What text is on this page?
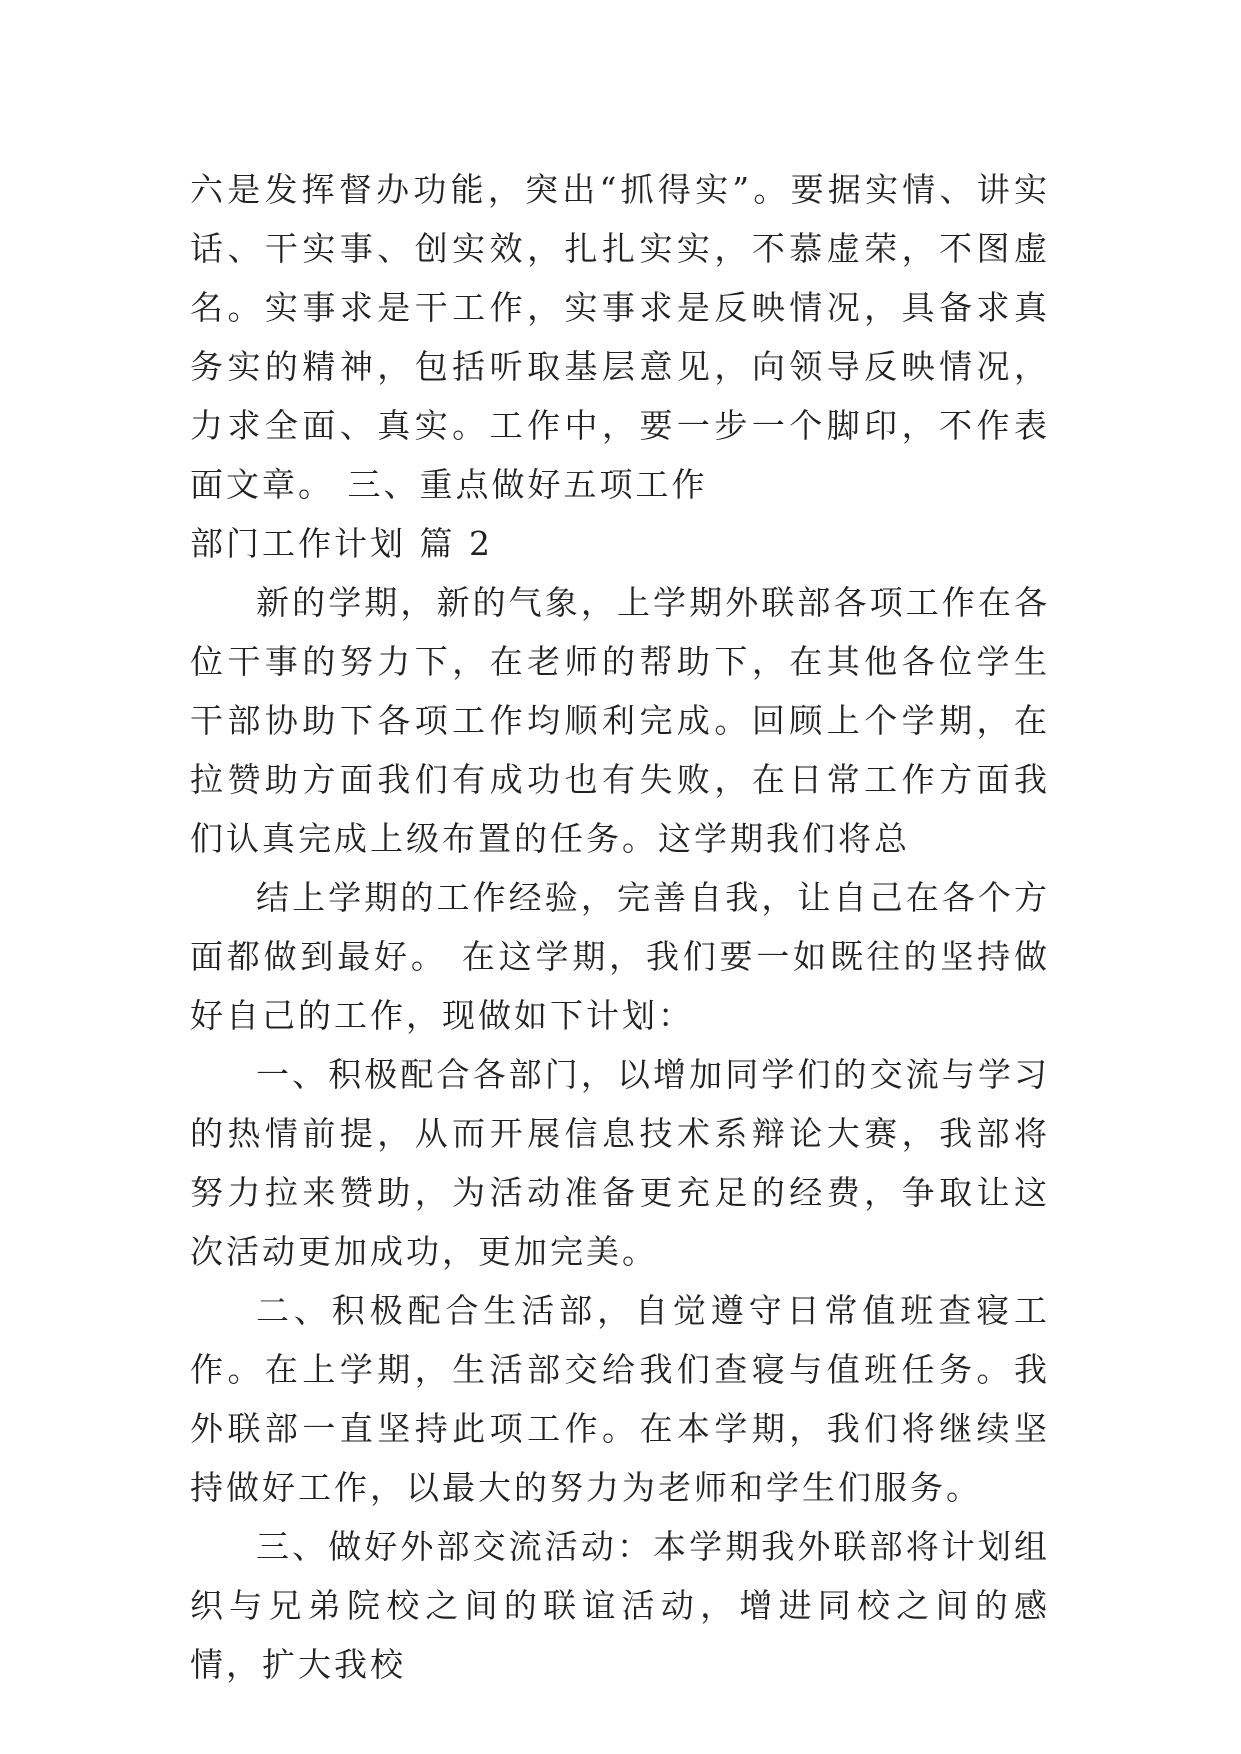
六是发挥督办功能，突出“抓得实”。要据实情、讲实话、干实事、创实效，扎扎实实，不慕虚荣，不图虚名。实事求是干工作，实事求是反映情况，具备求真务实的精神，包括听取基层意见，向领导反映情况，力求全面、真实。工作中，要一步一个脚印，不作表面文章。 三、重点做好五项工作

部门工作计划 篇 2

新的学期，新的气象，上学期外联部各项工作在各位干事的努力下，在老师的帮助下，在其他各位学生干部协助下各项工作均顺利完成。回顾上个学期，在拉赞助方面我们有成功也有失败，在日常工作方面我们认真完成上级布置的任务。这学期我们将总

结上学期的工作经验，完善自我，让自己在各个方面都做到最好。 在这学期，我们要一如既往的坚持做好自己的工作，现做如下计划：

一、积极配合各部门，以增加同学们的交流与学习的热情前提，从而开展信息技术系辩论大赛，我部将努力拉来赞助，为活动准备更充足的经费，争取让这次活动更加成功，更加完美。

二、积极配合生活部，自觉遵守日常值班查寝工作。在上学期，生活部交给我们查寝与值班任务。我外联部一直坚持此项工作。在本学期，我们将继续坚持做好工作，以最大的努力为老师和学生们服务。

三、做好外部交流活动：本学期我外联部将计划组织与兄弟院校之间的联谊活动，增进同校之间的感情，扩大我校
